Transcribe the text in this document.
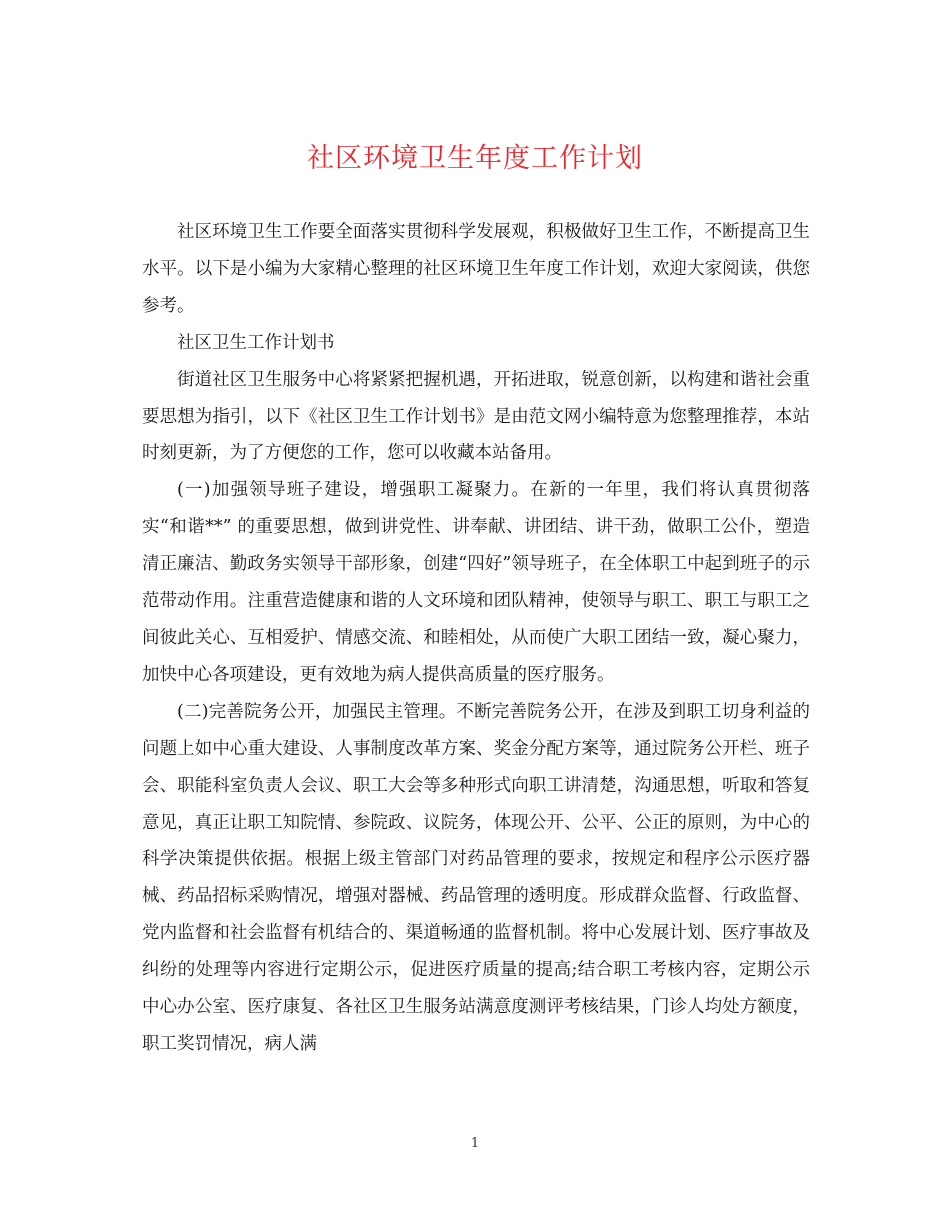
社区环境卫生年度工作计划

社区环境卫生工作要全面落实贯彻科学发展观，积极做好卫生工作，不断提高卫生水平。以下是小编为大家精心整理的社区环境卫生年度工作计划，欢迎大家阅读，供您参考。

社区卫生工作计划书

街道社区卫生服务中心将紧紧把握机遇，开拓进取，锐意创新，以构建和谐社会重要思想为指引，以下《社区卫生工作计划书》是由范文网小编特意为您整理推荐，本站时刻更新，为了方便您的工作，您可以收藏本站备用。

(一)加强领导班子建设，增强职工凝聚力。在新的一年里，我们将认真贯彻落实“和谐**” 的重要思想，做到讲党性、讲奉献、讲团结、讲干劲，做职工公仆，塑造清正廉洁、勤政务实领导干部形象，创建“四好”领导班子，在全体职工中起到班子的示范带动作用。注重营造健康和谐的人文环境和团队精神，使领导与职工、职工与职工之间彼此关心、互相爱护、情感交流、和睦相处，从而使广大职工团结一致，凝心聚力，加快中心各项建设，更有效地为病人提供高质量的医疗服务。

(二)完善院务公开，加强民主管理。不断完善院务公开，在涉及到职工切身利益的问题上如中心重大建设、人事制度改革方案、奖金分配方案等，通过院务公开栏、班子会、职能科室负责人会议、职工大会等多种形式向职工讲清楚，沟通思想，听取和答复意见，真正让职工知院情、参院政、议院务，体现公开、公平、公正的原则，为中心的科学决策提供依据。根据上级主管部门对药品管理的要求，按规定和程序公示医疗器械、药品招标采购情况，增强对器械、药品管理的透明度。形成群众监督、行政监督、党内监督和社会监督有机结合的、渠道畅通的监督机制。将中心发展计划、医疗事故及纠纷的处理等内容进行定期公示，促进医疗质量的提高;结合职工考核内容，定期公示中心办公室、医疗康复、各社区卫生服务站满意度测评考核结果，门诊人均处方额度，职工奖罚情况，病人满

1
